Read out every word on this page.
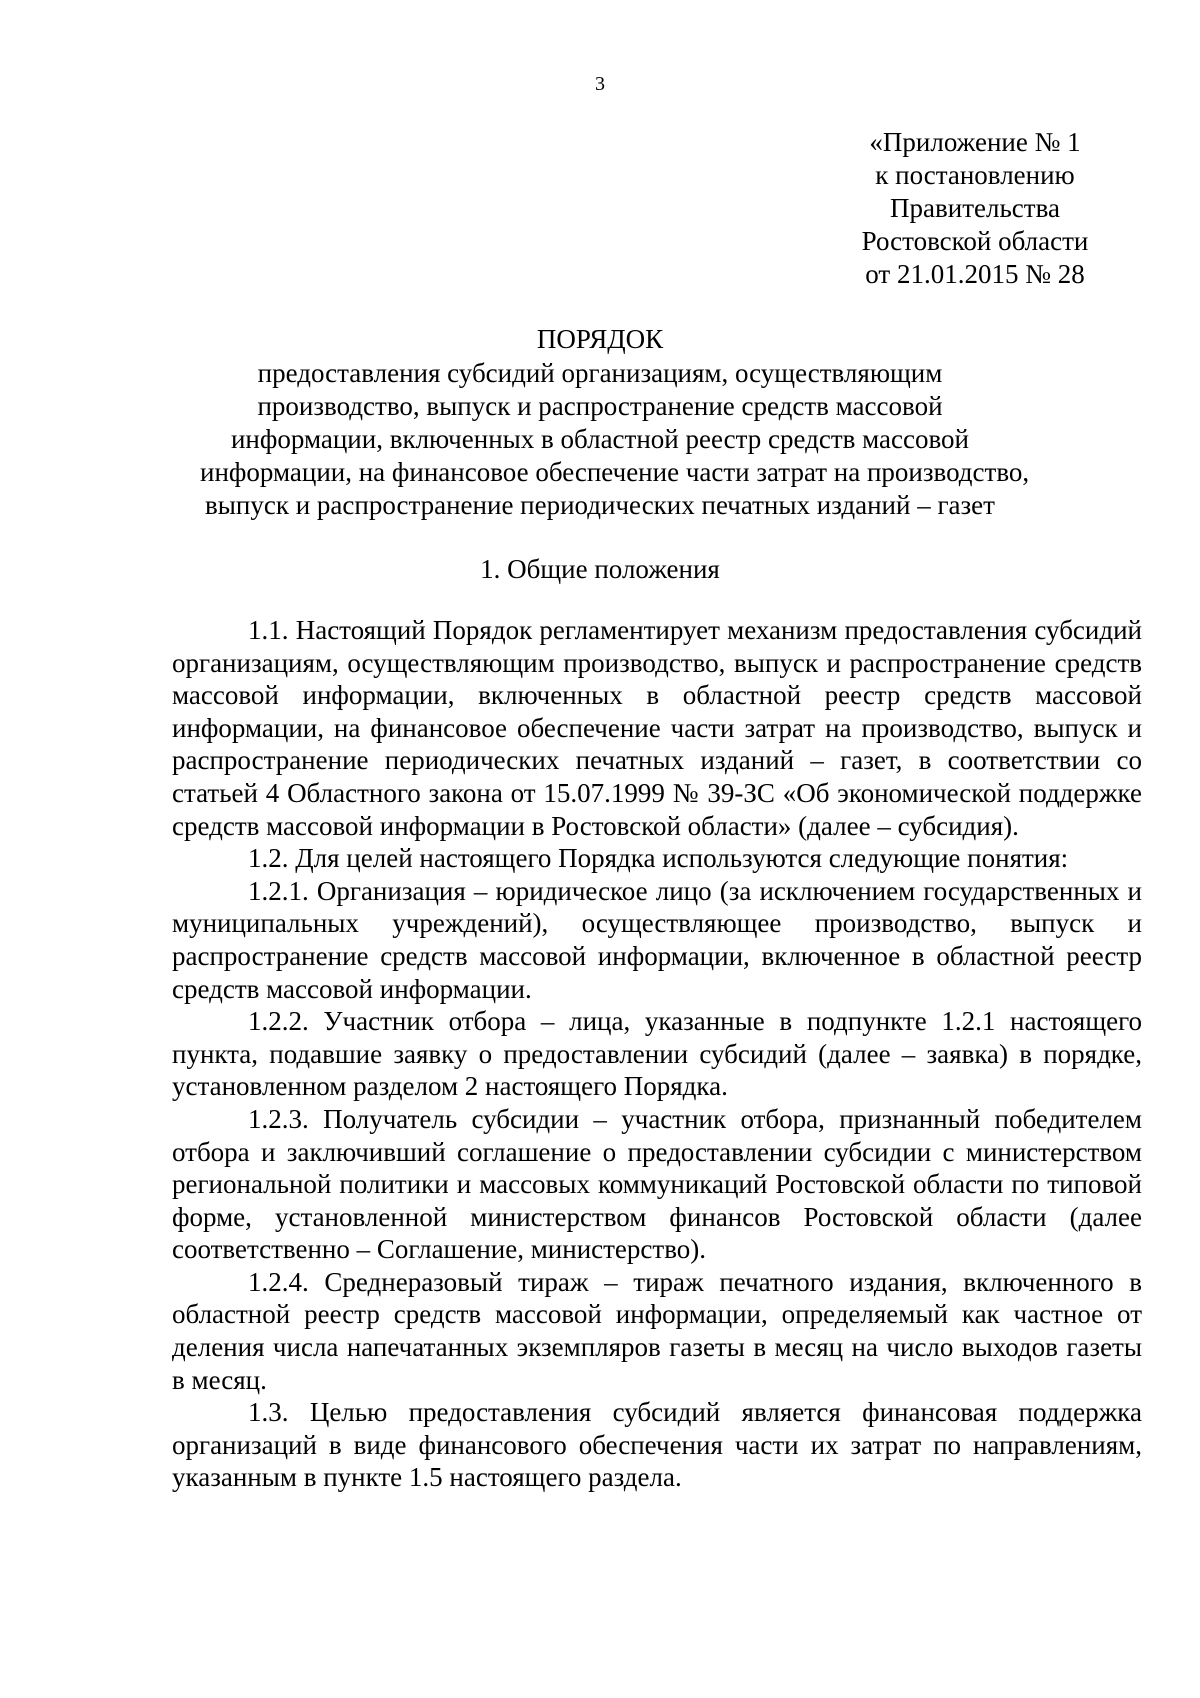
3
«Приложение № 1
к постановлению
Правительства
Ростовской области
от 21.01.2015 № 28
ПОРЯДОК
предоставления субсидий организациям, осуществляющим
производство, выпуск и распространение средств массовой
информации, включенных в областной реестр средств массовой
информации, на финансовое обеспечение части затрат на производство,
выпуск и распространение периодических печатных изданий – газет
1. Общие положения

1.1. Настоящий Порядок регламентирует механизм предоставления субсидий организациям, осуществляющим производство, выпуск и распространение средств массовой информации, включенных в областной реестр средств массовой информации, на финансовое обеспечение части затрат на производство, выпуск и распространение периодических печатных изданий – газет, в соответствии со статьей 4 Областного закона от 15.07.1999 № 39-ЗС «Об экономической поддержке средств массовой информации в Ростовской области» (далее – субсидия).

1.2. Для целей настоящего Порядка используются следующие понятия:

1.2.1. Организация – юридическое лицо (за исключением государственных и муниципальных учреждений), осуществляющее производство, выпуск и распространение средств массовой информации, включенное в областной реестр средств массовой информации.

1.2.2. Участник отбора – лица, указанные в подпункте 1.2.1 настоящего пункта, подавшие заявку о предоставлении субсидий (далее – заявка) в порядке, установленном разделом 2 настоящего Порядка.

1.2.3. Получатель субсидии – участник отбора, признанный победителем отбора и заключивший соглашение о предоставлении субсидии с министерством региональной политики и массовых коммуникаций Ростовской области по типовой форме, установленной министерством финансов Ростовской области (далее соответственно – Соглашение, министерство).

1.2.4. Среднеразовый тираж – тираж печатного издания, включенного в областной реестр средств массовой информации, определяемый как частное от деления числа напечатанных экземпляров газеты в месяц на число выходов газеты в месяц.

1.3. Целью предоставления субсидий является финансовая поддержка организаций в виде финансового обеспечения части их затрат по направлениям, указанным в пункте 1.5 настоящего раздела.
